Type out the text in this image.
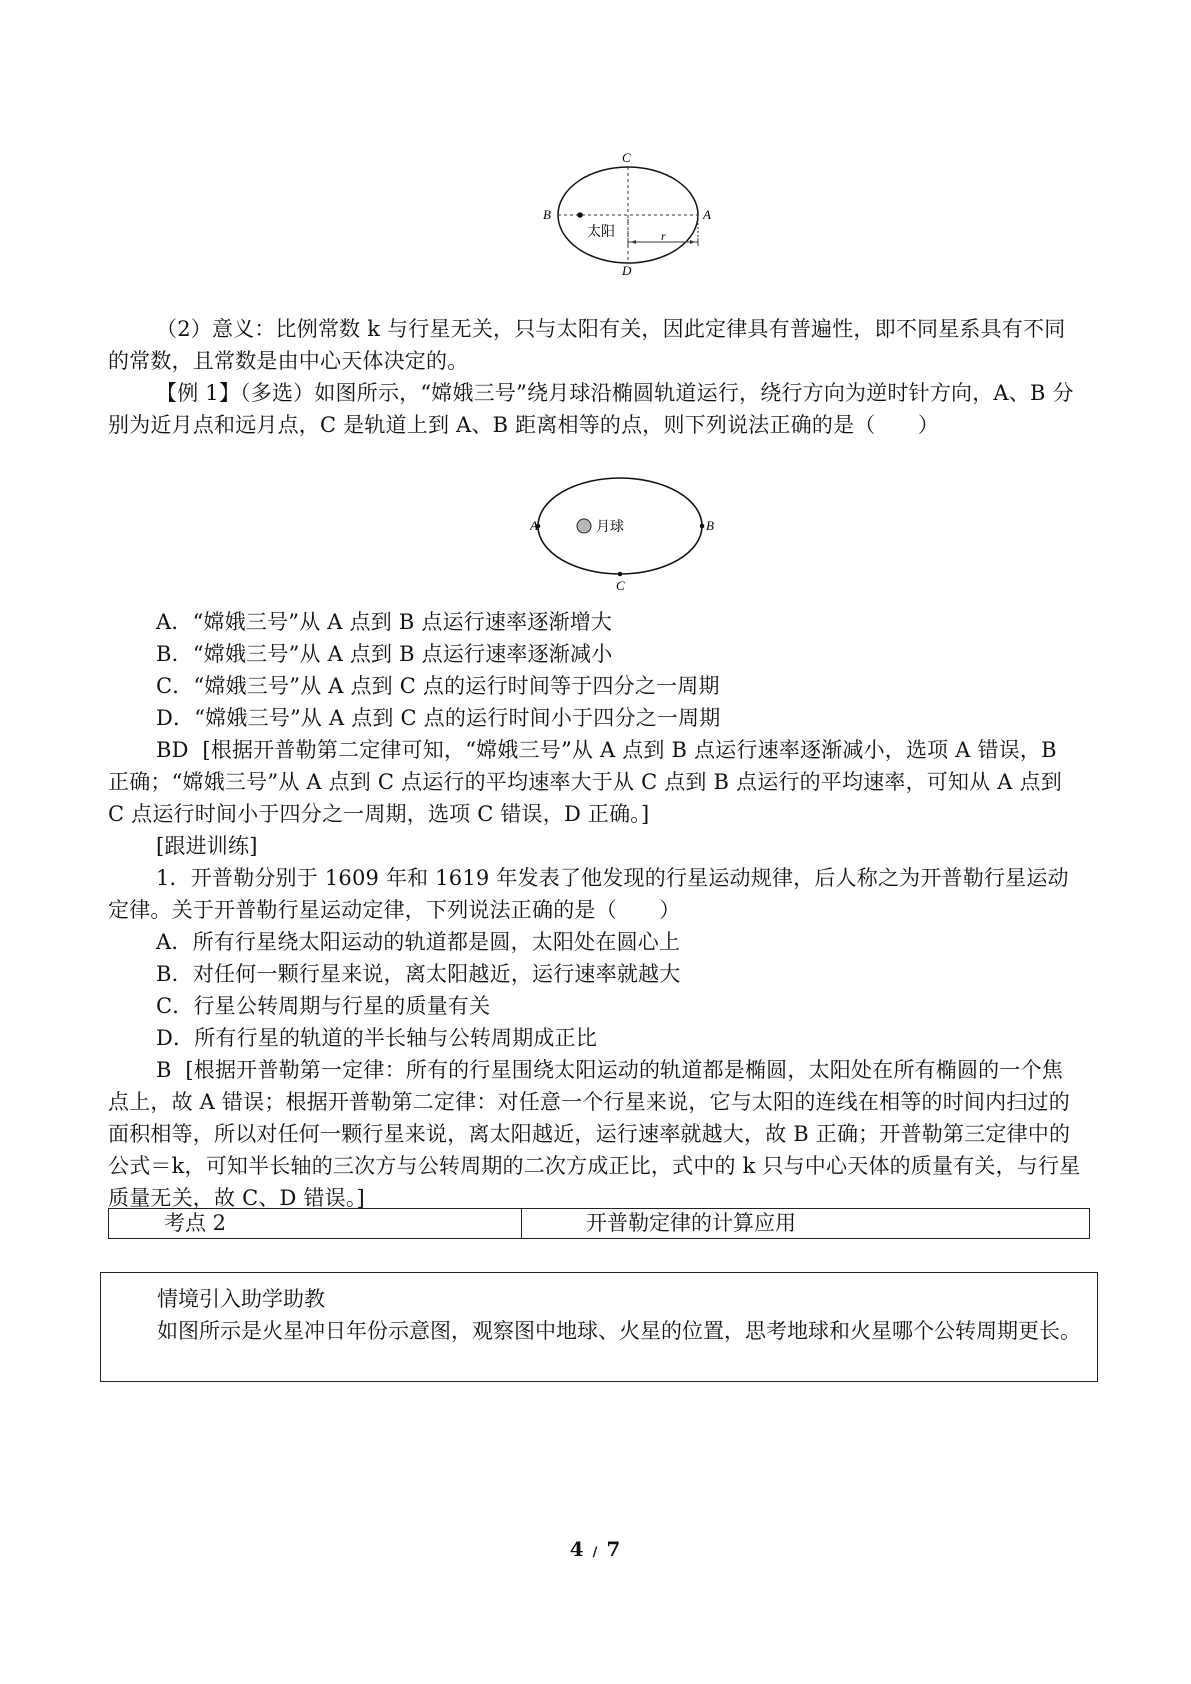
C
D
B	A
太阳	r

（2）意义：比例常数 k 与行星无关，只与太阳有关，因此定律具有普遍性，即不同星系具有不同的常数，且常数是由中心天体决定的。

【例 1】（多选）如图所示，“嫦娥三号”绕月球沿椭圆轨道运行，绕行方向为逆时针方向，A、B 分别为近月点和远月点，C 是轨道上到 A、B 距离相等的点，则下列说法正确的是（　　）

A	B
C
月球

A．“嫦娥三号”从 A 点到 B 点运行速率逐渐增大

B．“嫦娥三号”从 A 点到 B 点运行速率逐渐减小

C．“嫦娥三号”从 A 点到 C 点的运行时间等于四分之一周期

D．“嫦娥三号”从 A 点到 C 点的运行时间小于四分之一周期

BD  [根据开普勒第二定律可知，“嫦娥三号”从 A 点到 B 点运行速率逐渐减小，选项 A 错误，B 正确；“嫦娥三号”从 A 点到 C 点运行的平均速率大于从 C 点到 B 点运行的平均速率，可知从 A 点到 C 点运行时间小于四分之一周期，选项 C 错误，D 正确。]

[跟进训练]

1．开普勒分别于 1609 年和 1619 年发表了他发现的行星运动规律，后人称之为开普勒行星运动定律。关于开普勒行星运动定律，下列说法正确的是（　　）

A．所有行星绕太阳运动的轨道都是圆，太阳处在圆心上

B．对任何一颗行星来说，离太阳越近，运行速率就越大

C．行星公转周期与行星的质量有关

D．所有行星的轨道的半长轴与公转周期成正比

B  [根据开普勒第一定律：所有的行星围绕太阳运动的轨道都是椭圆，太阳处在所有椭圆的一个焦点上，故 A 错误；根据开普勒第二定律：对任意一个行星来说，它与太阳的连线在相等的时间内扫过的面积相等，所以对任何一颗行星来说，离太阳越近，运行速率就越大，故 B 正确；开普勒第三定律中的公式＝k，可知半长轴的三次方与公转周期的二次方成正比，式中的 k 只与中心天体的质量有关，与行星质量无关，故 C、D 错误。]

考点 2	开普勒定律的计算应用

情境引入助学助教

如图所示是火星冲日年份示意图，观察图中地球、火星的位置，思考地球和火星哪个公转周期更长。

4 / 7
